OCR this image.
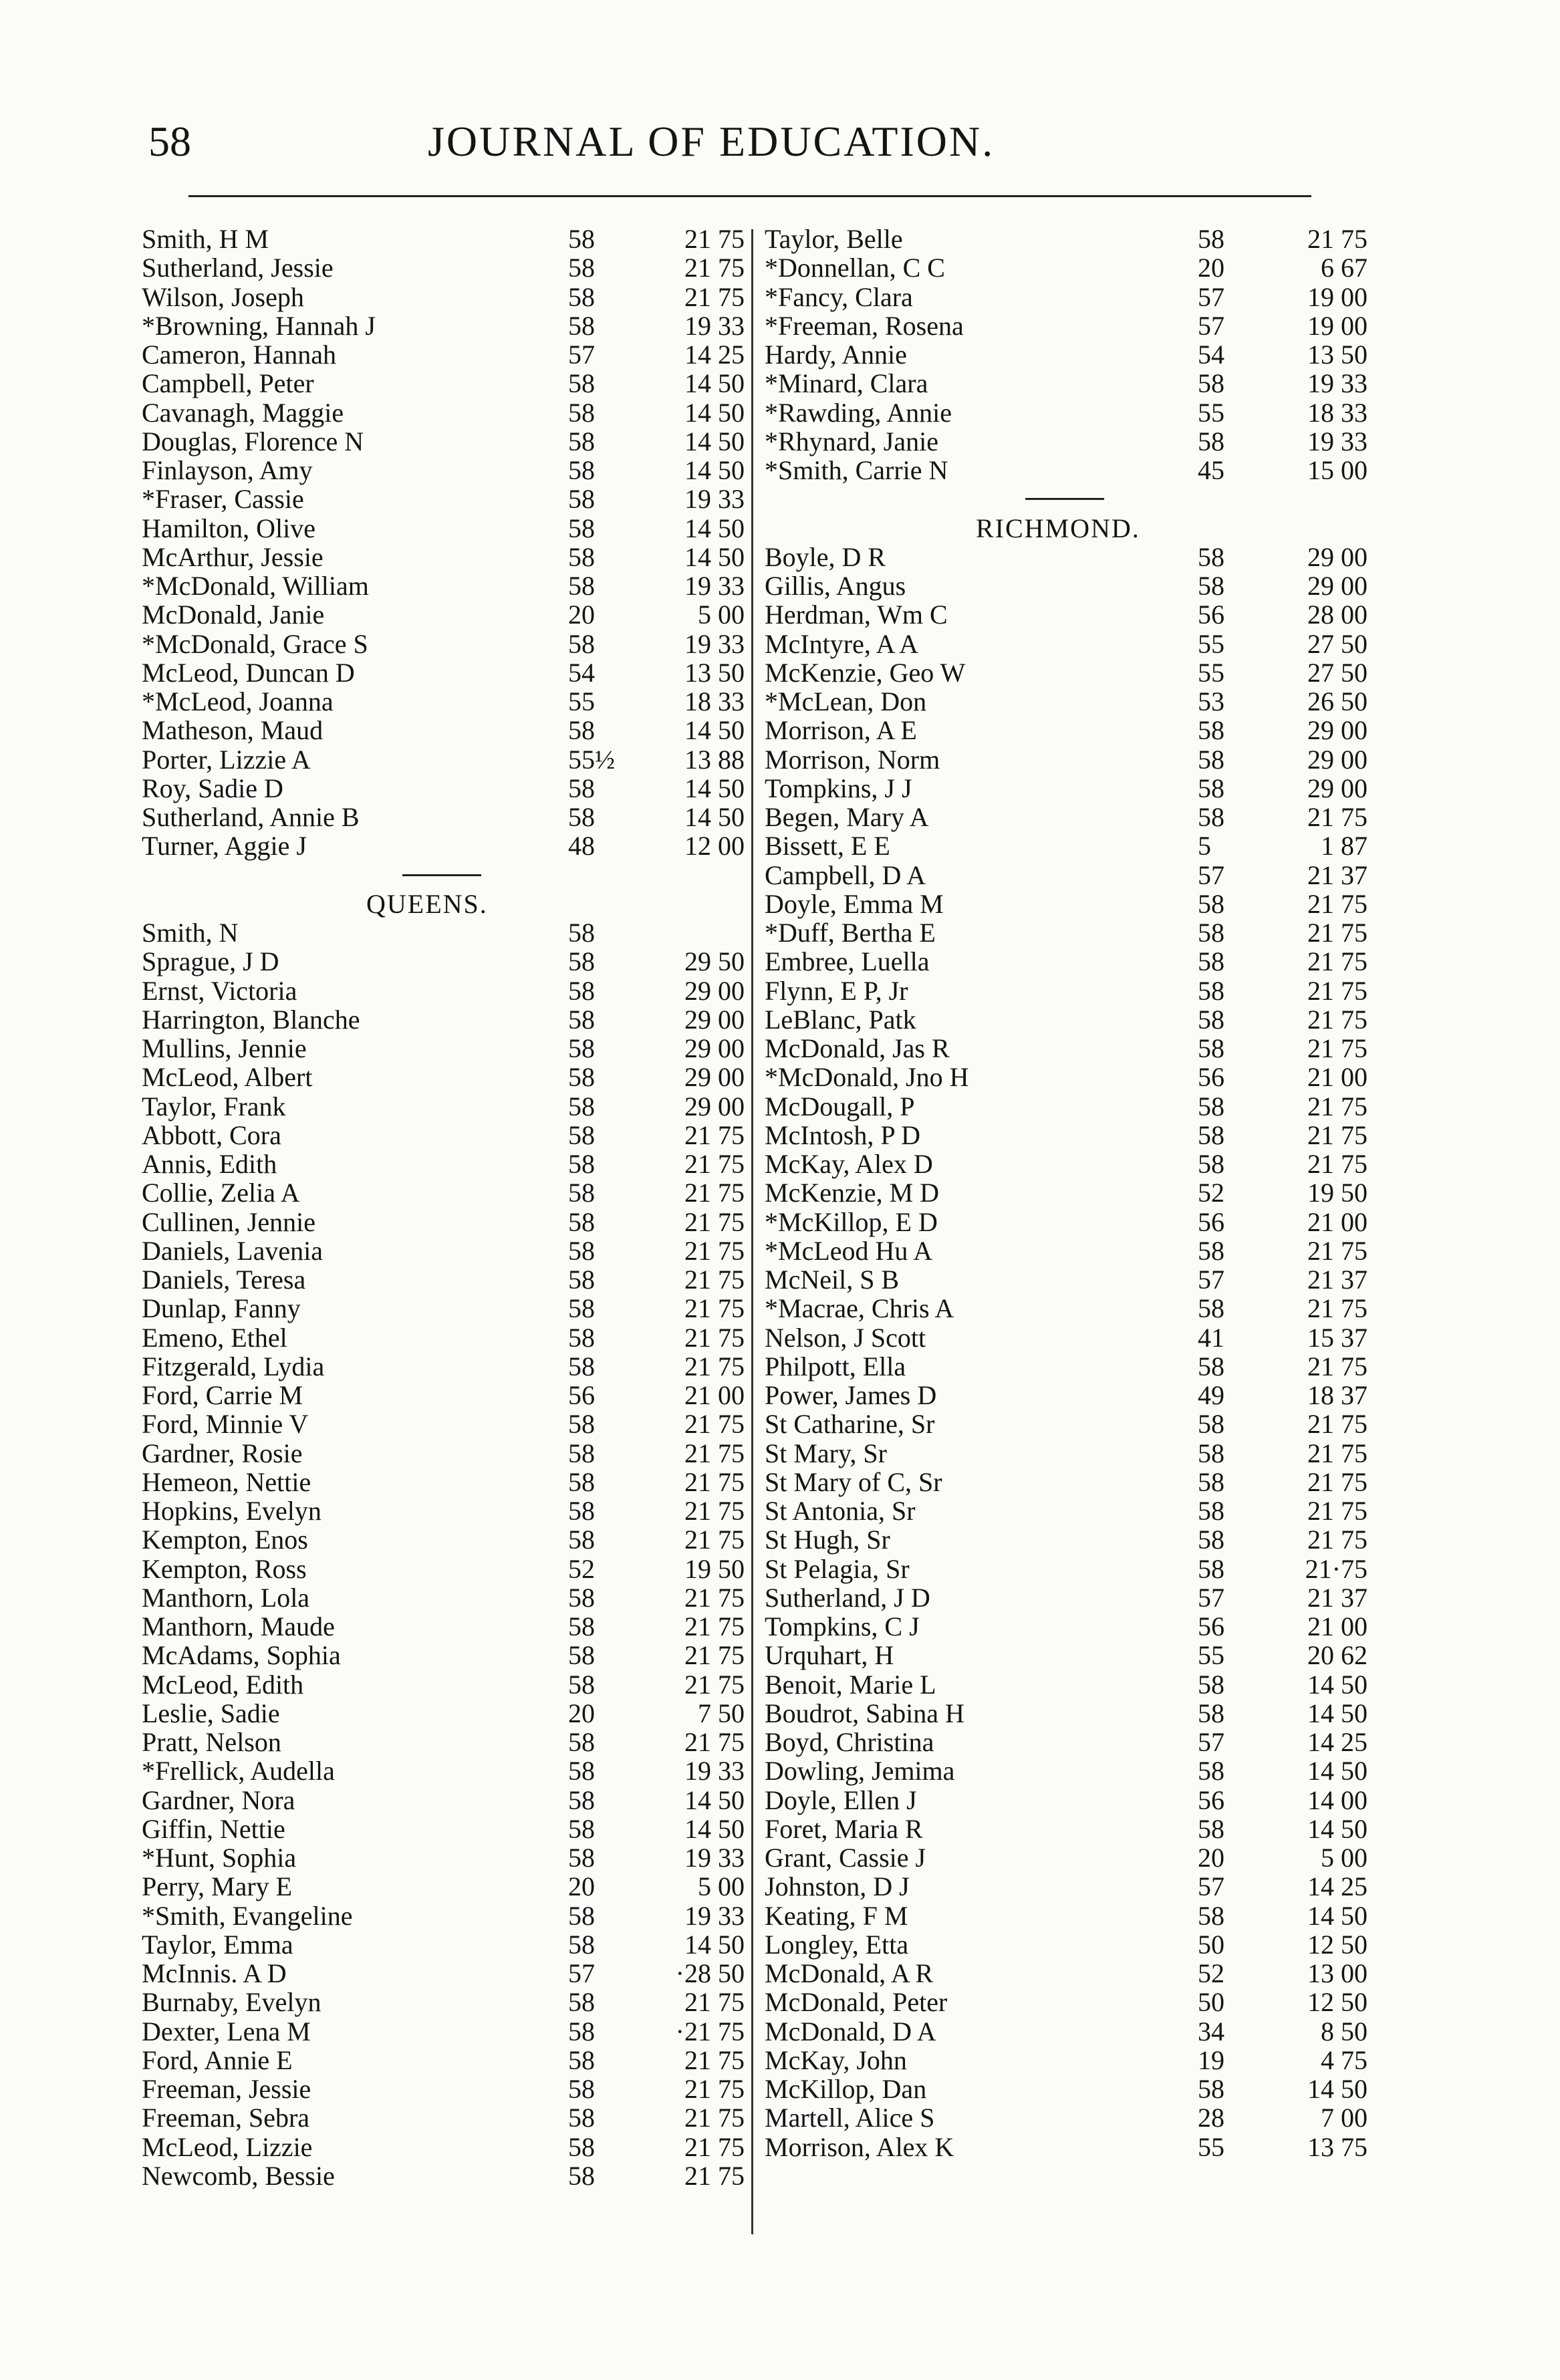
58	JOURNAL OF EDUCATION.
Smith, H M	58	21 75
Sutherland, Jessie	58	21 75
Wilson, Joseph	58	21 75
*Browning, Hannah J	58	19 33
Cameron, Hannah	57	14 25
Campbell, Peter	58	14 50
Cavanagh, Maggie	58	14 50
Douglas, Florence N	58	14 50
Finlayson, Amy	58	14 50
*Fraser, Cassie	58	19 33
Hamilton, Olive	58	14 50
McArthur, Jessie	58	14 50
*McDonald, William	58	19 33
McDonald, Janie	20	5 00
*McDonald, Grace S	58	19 33
McLeod, Duncan D	54	13 50
*McLeod, Joanna	55	18 33
Matheson, Maud	58	14 50
Porter, Lizzie A	55½	13 88
Roy, Sadie D	58	14 50
Sutherland, Annie B	58	14 50
Turner, Aggie J	48	12 00
QUEENS.
Smith, N	58
Sprague, J D	58	29 50
Ernst, Victoria	58	29 00
Harrington, Blanche	58	29 00
Mullins, Jennie	58	29 00
McLeod, Albert	58	29 00
Taylor, Frank	58	29 00
Abbott, Cora	58	21 75
Annis, Edith	58	21 75
Collie, Zelia A	58	21 75
Cullinen, Jennie	58	21 75
Daniels, Lavenia	58	21 75
Daniels, Teresa	58	21 75
Dunlap, Fanny	58	21 75
Emeno, Ethel	58	21 75
Fitzgerald, Lydia	58	21 75
Ford, Carrie M	56	21 00
Ford, Minnie V	58	21 75
Gardner, Rosie	58	21 75
Hemeon, Nettie	58	21 75
Hopkins, Evelyn	58	21 75
Kempton, Enos	58	21 75
Kempton, Ross	52	19 50
Manthorn, Lola	58	21 75
Manthorn, Maude	58	21 75
McAdams, Sophia	58	21 75
McLeod, Edith	58	21 75
Leslie, Sadie	20	7 50
Pratt, Nelson	58	21 75
*Frellick, Audella	58	19 33
Gardner, Nora	58	14 50
Giffin, Nettie	58	14 50
*Hunt, Sophia	58	19 33
Perry, Mary E	20	5 00
*Smith, Evangeline	58	19 33
Taylor, Emma	58	14 50
McInnis. A D	57	·28 50
Burnaby, Evelyn	58	21 75
Dexter, Lena M	58	·21 75
Ford, Annie E	58	21 75
Freeman, Jessie	58	21 75
Freeman, Sebra	58	21 75
McLeod, Lizzie	58	21 75
Newcomb, Bessie	58	21 75
Taylor, Belle	58	21 75
*Donnellan, C C	20	6 67
*Fancy, Clara	57	19 00
*Freeman, Rosena	57	19 00
Hardy, Annie	54	13 50
*Minard, Clara	58	19 33
*Rawding, Annie	55	18 33
*Rhynard, Janie	58	19 33
*Smith, Carrie N	45	15 00
RICHMOND.
Boyle, D R	58	29 00
Gillis, Angus	58	29 00
Herdman, Wm C	56	28 00
McIntyre, A A	55	27 50
McKenzie, Geo W	55	27 50
*McLean, Don	53	26 50
Morrison, A E	58	29 00
Morrison, Norm	58	29 00
Tompkins, J J	58	29 00
Begen, Mary A	58	21 75
Bissett, E E	5	1 87
Campbell, D A	57	21 37
Doyle, Emma M	58	21 75
*Duff, Bertha E	58	21 75
Embree, Luella	58	21 75
Flynn, E P, Jr	58	21 75
LeBlanc, Patk	58	21 75
McDonald, Jas R	58	21 75
*McDonald, Jno H	56	21 00
McDougall, P	58	21 75
McIntosh, P D	58	21 75
McKay, Alex D	58	21 75
McKenzie, M D	52	19 50
*McKillop, E D	56	21 00
*McLeod Hu A	58	21 75
McNeil, S B	57	21 37
*Macrae, Chris A	58	21 75
Nelson, J Scott	41	15 37
Philpott, Ella	58	21 75
Power, James D	49	18 37
St Catharine, Sr	58	21 75
St Mary, Sr	58	21 75
St Mary of C, Sr	58	21 75
St Antonia, Sr	58	21 75
St Hugh, Sr	58	21 75
St Pelagia, Sr	58	21·75
Sutherland, J D	57	21 37
Tompkins, C J	56	21 00
Urquhart, H	55	20 62
Benoit, Marie L	58	14 50
Boudrot, Sabina H	58	14 50
Boyd, Christina	57	14 25
Dowling, Jemima	58	14 50
Doyle, Ellen J	56	14 00
Foret, Maria R	58	14 50
Grant, Cassie J	20	5 00
Johnston, D J	57	14 25
Keating, F M	58	14 50
Longley, Etta	50	12 50
McDonald, A R	52	13 00
McDonald, Peter	50	12 50
McDonald, D A	34	8 50
McKay, John	19	4 75
McKillop, Dan	58	14 50
Martell, Alice S	28	7 00
Morrison, Alex K	55	13 75
